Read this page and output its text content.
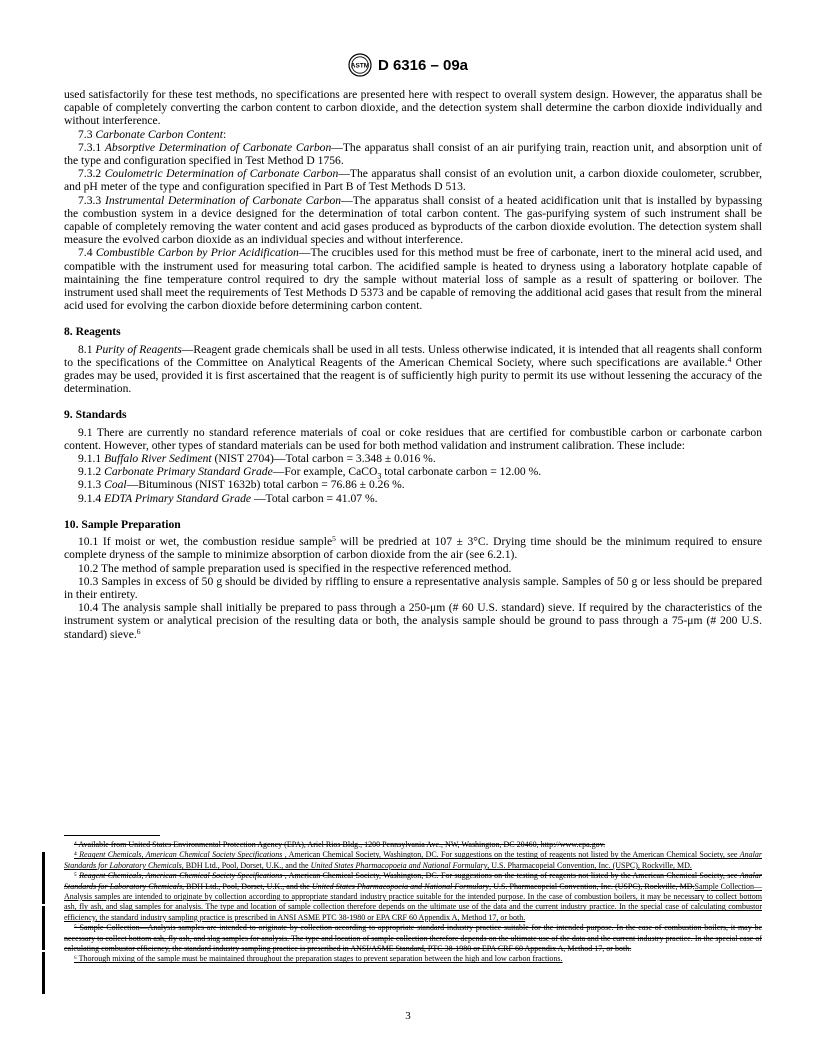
ASTM D 6316 – 09a

used satisfactorily for these test methods, no specifications are presented here with respect to overall system design. However, the apparatus shall be capable of completely converting the carbon content to carbon dioxide, and the detection system shall determine the carbon dioxide individually and without interference.

7.3 Carbonate Carbon Content:

7.3.1 Absorptive Determination of Carbonate Carbon—The apparatus shall consist of an air purifying train, reaction unit, and absorption unit of the type and configuration specified in Test Method D 1756.

7.3.2 Coulometric Determination of Carbonate Carbon—The apparatus shall consist of an evolution unit, a carbon dioxide coulometer, scrubber, and pH meter of the type and configuration specified in Part B of Test Methods D 513.

7.3.3 Instrumental Determination of Carbonate Carbon—The apparatus shall consist of a heated acidification unit that is installed by bypassing the combustion system in a device designed for the determination of total carbon content. The gas-purifying system of such instrument shall be capable of completely removing the water content and acid gases produced as byproducts of the carbon dioxide evolution. The detection system shall measure the evolved carbon dioxide as an individual species and without interference.

7.4 Combustible Carbon by Prior Acidification—The crucibles used for this method must be free of carbonate, inert to the mineral acid used, and compatible with the instrument used for measuring total carbon. The acidified sample is heated to dryness using a laboratory hotplate capable of maintaining the fine temperature control required to dry the sample without material loss of sample as a result of spattering or boilover. The instrument used shall meet the requirements of Test Methods D 5373 and be capable of removing the additional acid gases that result from the mineral acid used for evolving the carbon dioxide before determining carbon content.

8. Reagents

8.1 Purity of Reagents—Reagent grade chemicals shall be used in all tests. Unless otherwise indicated, it is intended that all reagents shall conform to the specifications of the Committee on Analytical Reagents of the American Chemical Society, where such specifications are available.$^4$ Other grades may be used, provided it is first ascertained that the reagent is of sufficiently high purity to permit its use without lessening the accuracy of the determination.

9. Standards

9.1 There are currently no standard reference materials of coal or coke residues that are certified for combustible carbon or carbonate carbon content. However, other types of standard materials can be used for both method validation and instrument calibration. These include:

9.1.1 Buffalo River Sediment (NIST 2704)—Total carbon = 3.348 ± 0.016 %.

9.1.2 Carbonate Primary Standard Grade—For example, CaCO$_3$ total carbonate carbon = 12.00 %.

9.1.3 Coal—Bituminous (NIST 1632b) total carbon = 76.86 ± 0.26 %.

9.1.4 EDTA Primary Standard Grade —Total carbon = 41.07 %.

10. Sample Preparation

10.1 If moist or wet, the combustion residue sample$^5$ will be predried at 107 ± 3°C. Drying time should be the minimum required to ensure complete dryness of the sample to minimize absorption of carbon dioxide from the air (see 6.2.1).

10.2 The method of sample preparation used is specified in the respective referenced method.

10.3 Samples in excess of 50 g should be divided by riffling to ensure a representative analysis sample. Samples of 50 g or less should be prepared in their entirety.

10.4 The analysis sample shall initially be prepared to pass through a 250-μm (# 60 U.S. standard) sieve. If required by the characteristics of the instrument system or analytical precision of the resulting data or both, the analysis sample should be ground to pass through a 75-μm (# 200 U.S. standard) sieve.$^6$

⁴ Available from United States Environmental Protection Agency (EPA), Ariel Rios Bldg., 1200 Pennsylvania Ave., NW, Washington, DC 20460, http://www.epa.gov.

⁴ Reagent Chemicals, American Chemical Society Specifications , American Chemical Society, Washington, DC. For suggestions on the testing of reagents not listed by the American Chemical Society, see Analar Standards for Laboratory Chemicals, BDH Ltd., Pool, Dorset, U.K., and the United States Pharmacopoeia and National Formulary, U.S. Pharmacopeial Convention, Inc. (USPC), Rockville, MD.

⁵ Reagent Chemicals, American Chemical Society Specifications , American Chemical Society, Washington, DC. For suggestions on the testing of reagents not listed by the American Chemical Society, see Analar Standards for Laboratory Chemicals, BDH Ltd., Pool, Dorset, U.K., and the United States Pharmacopoeia and National Formulary, U.S. Pharmacopeial Convention, Inc. (USPC), Rockville, MD.Sample Collection—Analysis samples are intended to originate by collection according to appropriate standard industry practice suitable for the intended purpose. In the case of combustion boilers, it may be necessary to collect bottom ash, fly ash, and slag samples for analysis. The type and location of sample collection therefore depends on the ultimate use of the data and the current industry practice. In the special case of calculating combustor efficiency, the standard industry sampling practice is prescribed in ANSI ASME PTC 38-1980 or EPA CRF 60 Appendix A, Method 17, or both.

⁵ Sample Collection—Analysis samples are intended to originate by collection according to appropriate standard industry practice suitable for the intended purpose. In the case of combustion boilers, it may be necessary to collect bottom ash, fly ash, and slag samples for analysis. The type and location of sample collection therefore depends on the ultimate use of the data and the current industry practice. In the special case of calculating combustor efficiency, the standard industry sampling practice is prescribed in ANSI/ASME Standard, PTC 38-1980 or EPA CRF 60 Appendix A, Method 17, or both.

⁶ Thorough mixing of the sample must be maintained throughout the preparation stages to prevent separation between the high and low carbon fractions.

3
